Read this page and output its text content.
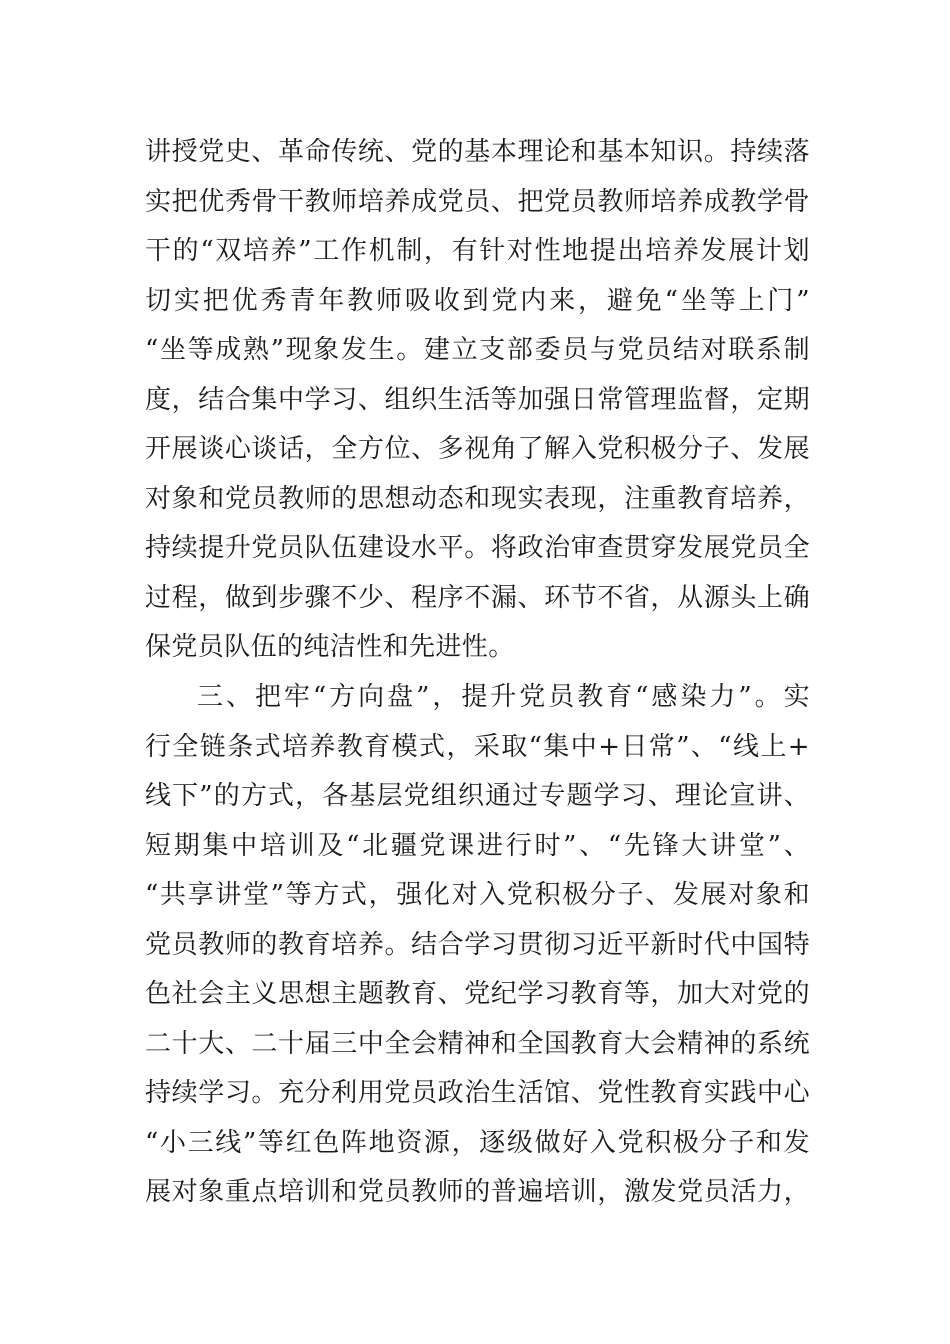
讲授党史、革命传统、党的基本理论和基本知识。持续落
实把优秀骨干教师培养成党员、把党员教师培养成教学骨
干的“双培养”工作机制，有针对性地提出培养发展计划
切实把优秀青年教师吸收到党内来，避免“坐等上门”
“坐等成熟”现象发生。建立支部委员与党员结对联系制
度，结合集中学习、组织生活等加强日常管理监督，定期
开展谈心谈话，全方位、多视角了解入党积极分子、发展
对象和党员教师的思想动态和现实表现，注重教育培养，
持续提升党员队伍建设水平。将政治审查贯穿发展党员全
过程，做到步骤不少、程序不漏、环节不省，从源头上确
保党员队伍的纯洁性和先进性。
三、把牢“方向盘”，提升党员教育“感染力”。实
行全链条式培养教育模式，采取“集中+日常”、“线上+
线下”的方式，各基层党组织通过专题学习、理论宣讲、
短期集中培训及“北疆党课进行时”、“先锋大讲堂”、
“共享讲堂”等方式，强化对入党积极分子、发展对象和
党员教师的教育培养。结合学习贯彻习近平新时代中国特
色社会主义思想主题教育、党纪学习教育等，加大对党的
二十大、二十届三中全会精神和全国教育大会精神的系统
持续学习。充分利用党员政治生活馆、党性教育实践中心
“小三线”等红色阵地资源，逐级做好入党积极分子和发
展对象重点培训和党员教师的普遍培训，激发党员活力，
